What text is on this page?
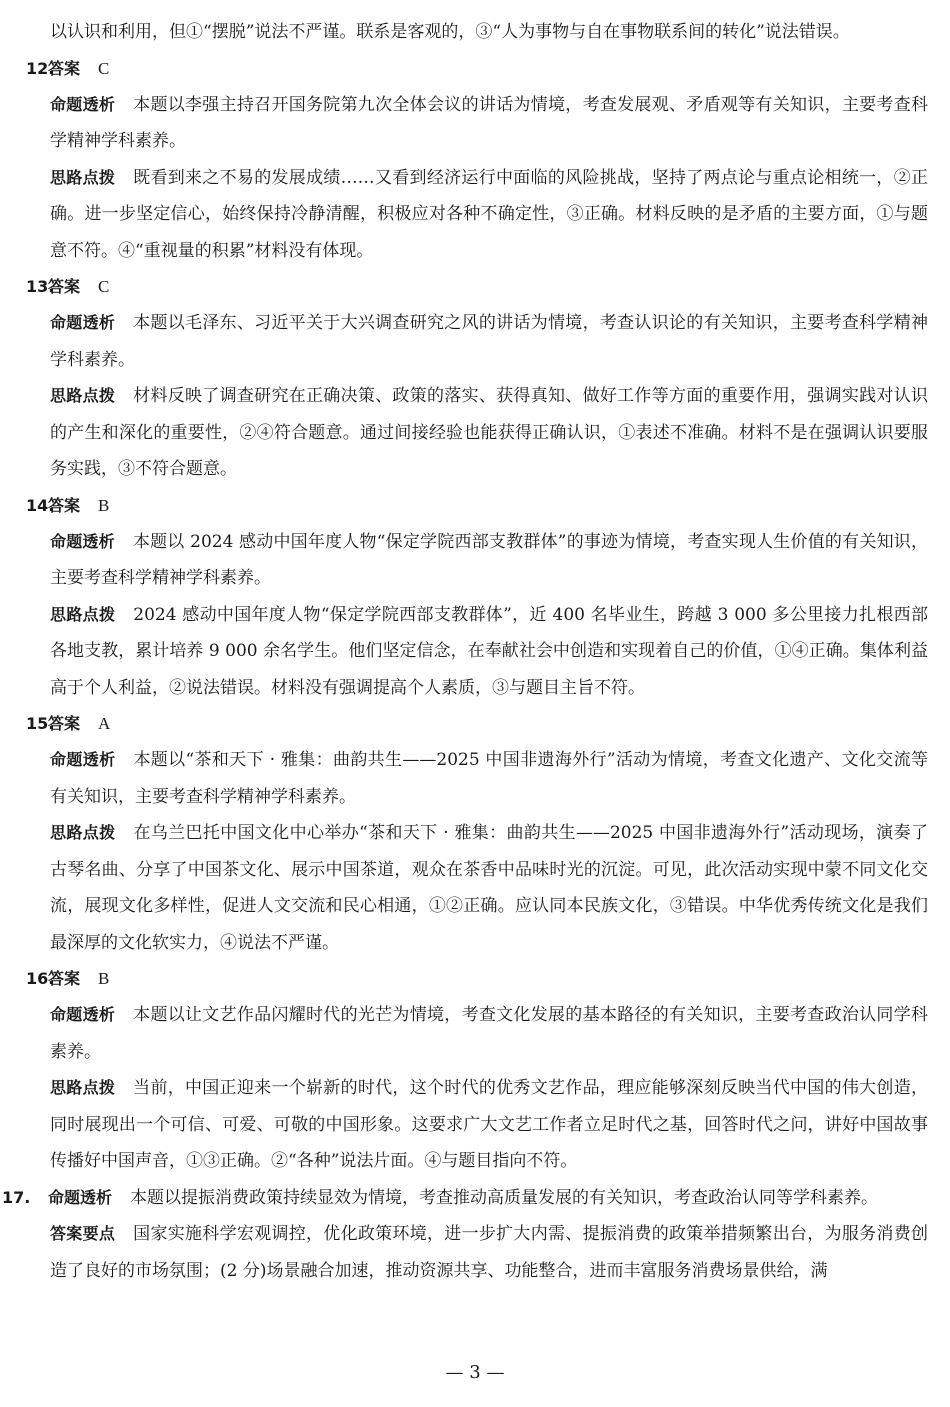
以认识和利用，但①“摆脱”说法不严谨。联系是客观的，③“人为事物与自在事物联系间的转化”说法错误。

12.答案 C

命题透析 本题以李强主持召开国务院第九次全体会议的讲话为情境，考查发展观、矛盾观等有关知识，主要考查科学精神学科素养。

思路点拨 既看到来之不易的发展成绩……又看到经济运行中面临的风险挑战，坚持了两点论与重点论相统一，②正确。进一步坚定信心，始终保持冷静清醒，积极应对各种不确定性，③正确。材料反映的是矛盾的主要方面，①与题意不符。④“重视量的积累”材料没有体现。

13.答案 C

命题透析 本题以毛泽东、习近平关于大兴调查研究之风的讲话为情境，考查认识论的有关知识，主要考查科学精神学科素养。

思路点拨 材料反映了调查研究在正确决策、政策的落实、获得真知、做好工作等方面的重要作用，强调实践对认识的产生和深化的重要性，②④符合题意。通过间接经验也能获得正确认识，①表述不准确。材料不是在强调认识要服务实践，③不符合题意。

14.答案 B

命题透析 本题以 2024 感动中国年度人物“保定学院西部支教群体”的事迹为情境，考查实现人生价值的有关知识，主要考查科学精神学科素养。

思路点拨 2024 感动中国年度人物“保定学院西部支教群体”，近 400 名毕业生，跨越 3 000 多公里接力扎根西部各地支教，累计培养 9 000 余名学生。他们坚定信念，在奉献社会中创造和实现着自己的价值，①④正确。集体利益高于个人利益，②说法错误。材料没有强调提高个人素质，③与题目主旨不符。

15.答案 A

命题透析 本题以“茶和天下 · 雅集：曲韵共生——2025 中国非遗海外行”活动为情境，考查文化遗产、文化交流等有关知识，主要考查科学精神学科素养。

思路点拨 在乌兰巴托中国文化中心举办“茶和天下 · 雅集：曲韵共生——2025 中国非遗海外行”活动现场，演奏了古琴名曲、分享了中国茶文化、展示中国茶道，观众在茶香中品味时光的沉淀。可见，此次活动实现中蒙不同文化交流，展现文化多样性，促进人文交流和民心相通，①②正确。应认同本民族文化，③错误。中华优秀传统文化是我们最深厚的文化软实力，④说法不严谨。

16.答案 B

命题透析 本题以让文艺作品闪耀时代的光芒为情境，考查文化发展的基本路径的有关知识，主要考查政治认同学科素养。

思路点拨 当前，中国正迎来一个崭新的时代，这个时代的优秀文艺作品，理应能够深刻反映当代中国的伟大创造，同时展现出一个可信、可爱、可敬的中国形象。这要求广大文艺工作者立足时代之基，回答时代之问，讲好中国故事传播好中国声音，①③正确。②“各种”说法片面。④与题目指向不符。

17. 命题透析 本题以提振消费政策持续显效为情境，考查推动高质量发展的有关知识，考查政治认同等学科素养。

答案要点 国家实施科学宏观调控，优化政策环境，进一步扩大内需、提振消费的政策举措频繁出台，为服务消费创造了良好的市场氛围；(2 分)场景融合加速，推动资源共享、功能整合，进而丰富服务消费场景供给，满

— 3 —
